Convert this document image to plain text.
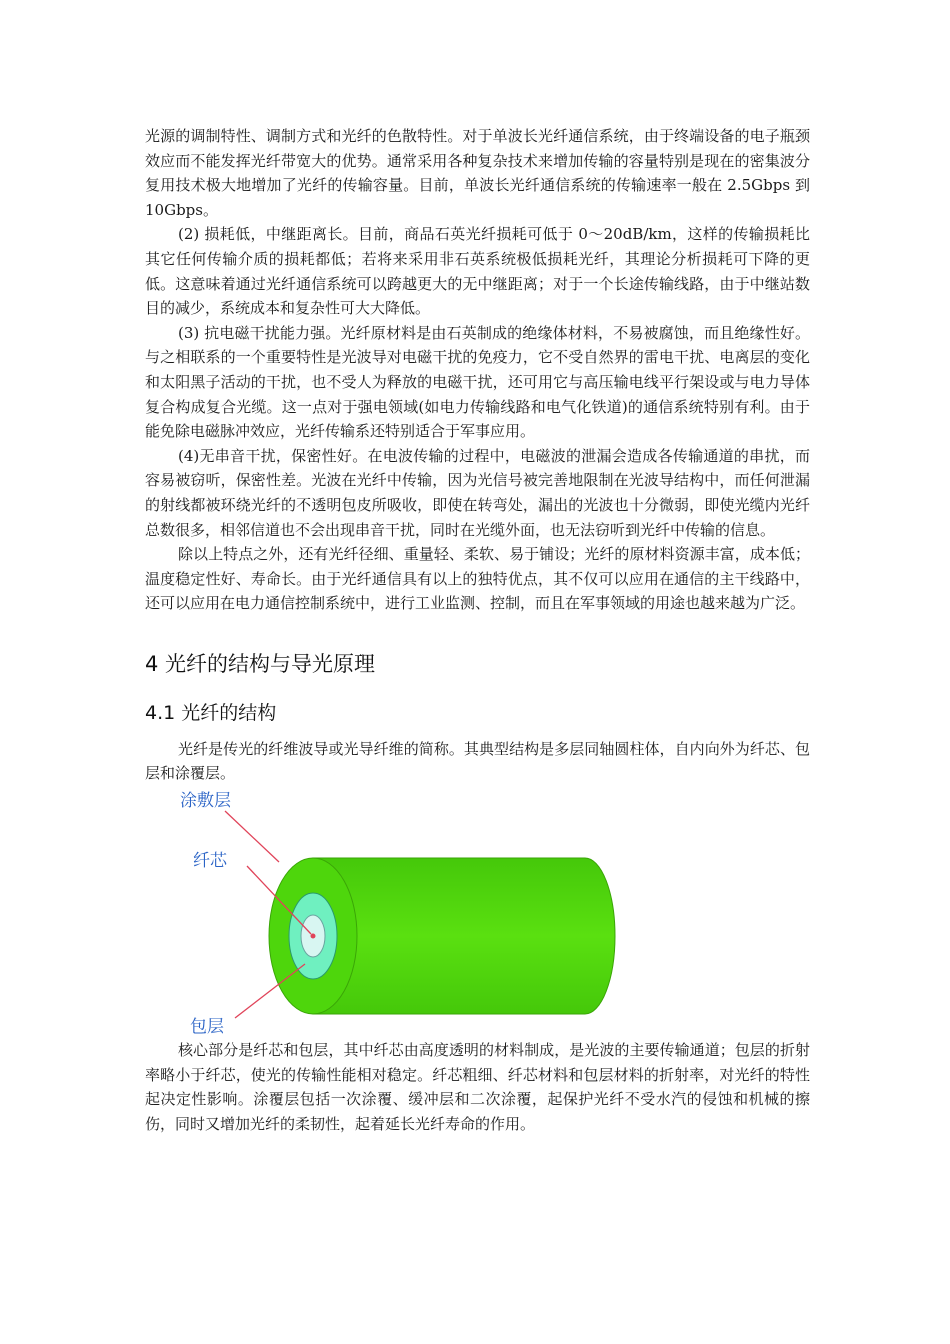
光源的调制特性、调制方式和光纤的色散特性。对于单波长光纤通信系统，由于终端设备的电子瓶颈效应而不能发挥光纤带宽大的优势。通常采用各种复杂技术来增加传输的容量特别是现在的密集波分复用技术极大地增加了光纤的传输容量。目前，单波长光纤通信系统的传输速率一般在 2.5Gbps 到 10Gbps。

(2) 损耗低，中继距离长。目前，商品石英光纤损耗可低于 0～20dB/km，这样的传输损耗比其它任何传输介质的损耗都低；若将来采用非石英系统极低损耗光纤，其理论分析损耗可下降的更低。这意味着通过光纤通信系统可以跨越更大的无中继距离；对于一个长途传输线路，由于中继站数目的减少，系统成本和复杂性可大大降低。

(3) 抗电磁干扰能力强。光纤原材料是由石英制成的绝缘体材料，不易被腐蚀，而且绝缘性好。与之相联系的一个重要特性是光波导对电磁干扰的免疫力，它不受自然界的雷电干扰、电离层的变化和太阳黑子活动的干扰，也不受人为释放的电磁干扰，还可用它与高压输电线平行架设或与电力导体复合构成复合光缆。这一点对于强电领域(如电力传输线路和电气化铁道)的通信系统特别有利。由于能免除电磁脉冲效应，光纤传输系还特别适合于军事应用。

(4)无串音干扰，保密性好。在电波传输的过程中，电磁波的泄漏会造成各传输通道的串扰，而容易被窃听，保密性差。光波在光纤中传输，因为光信号被完善地限制在光波导结构中，而任何泄漏的射线都被环绕光纤的不透明包皮所吸收，即使在转弯处，漏出的光波也十分微弱，即使光缆内光纤总数很多，相邻信道也不会出现串音干扰，同时在光缆外面，也无法窃听到光纤中传输的信息。

除以上特点之外，还有光纤径细、重量轻、柔软、易于铺设；光纤的原材料资源丰富，成本低；温度稳定性好、寿命长。由于光纤通信具有以上的独特优点，其不仅可以应用在通信的主干线路中，还可以应用在电力通信控制系统中，进行工业监测、控制，而且在军事领域的用途也越来越为广泛。

4 光纤的结构与导光原理
4.1 光纤的结构

光纤是传光的纤维波导或光导纤维的简称。其典型结构是多层同轴圆柱体，自内向外为纤芯、包层和涂覆层。

涂敷层
纤芯
包层

核心部分是纤芯和包层，其中纤芯由高度透明的材料制成，是光波的主要传输通道；包层的折射率略小于纤芯，使光的传输性能相对稳定。纤芯粗细、纤芯材料和包层材料的折射率，对光纤的特性起决定性影响。涂覆层包括一次涂覆、缓冲层和二次涂覆，起保护光纤不受水汽的侵蚀和机械的擦伤，同时又增加光纤的柔韧性，起着延长光纤寿命的作用。
